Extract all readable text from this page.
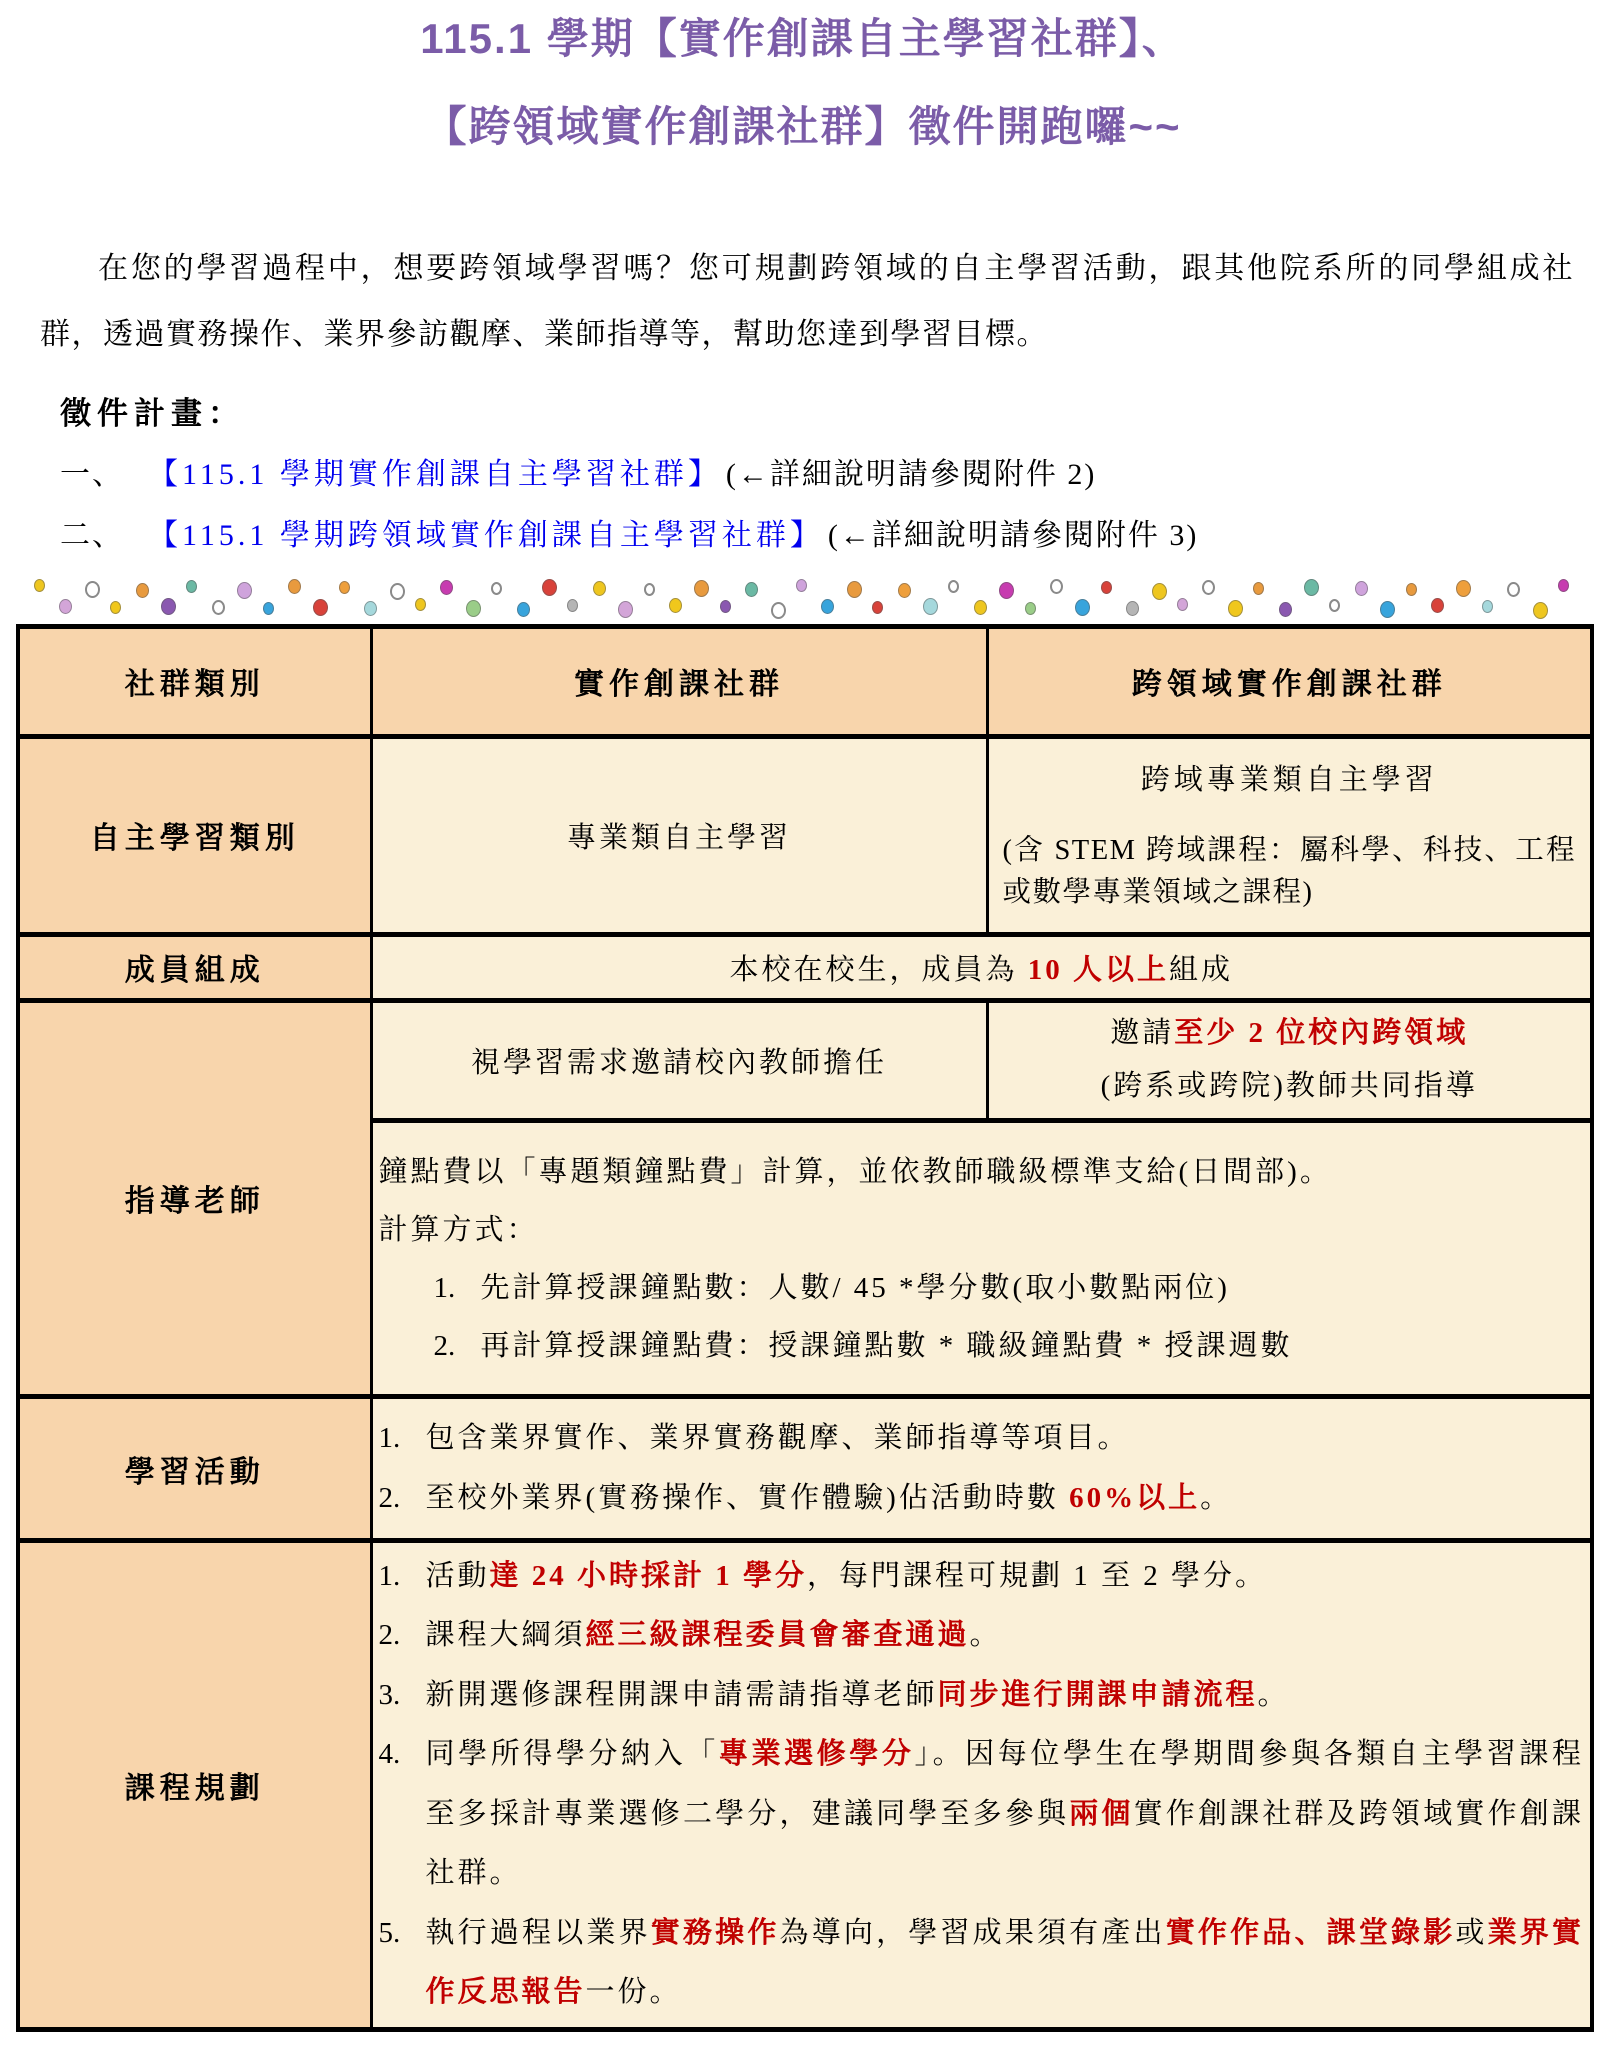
115.1 學期【實作創課自主學習社群】、
【跨領域實作創課社群】徵件開跑囉~~

在您的學習過程中，想要跨領域學習嗎？您可規劃跨領域的自主學習活動，跟其他院系所的同學組成社群，透過實務操作、業界參訪觀摩、業師指導等，幫助您達到學習目標。

徵件計畫：
一、 【115.1 學期實作創課自主學習社群】 (←詳細說明請參閱附件 2)
二、 【115.1 學期跨領域實作創課自主學習社群】 (←詳細說明請參閱附件 3)
社群類別	實作創課社群	跨領域實作創課社群
自主學習類別	專業類自主學習	跨域專業類自主學習
(含 STEM 跨域課程：屬科學、科技、工程或數學專業領域之課程)

成員組成	本校在校生，成員為 10 人以上組成	
指導老師	視學習需求邀請校內教師擔任	邀請至少 2 位校內跨領域
(跨系或跨院)教師共同指導

鐘點費以「專題類鐘點費」計算，並依教師職級標準支給(日間部)。
計算方式：
1. 先計算授課鐘點數：人數/ 45 *學分數(取小數點兩位)
2. 再計算授課鐘點費：授課鐘點數 * 職級鐘點費 * 授課週數

學習活動	1. 包含業界實作、業界實務觀摩、業師指導等項目。
2. 至校外業界(實務操作、實作體驗)佔活動時數 60%以上。	

課程規劃	
1. 活動達 24 小時採計 1 學分，每門課程可規劃 1 至 2 學分。
2. 課程大綱須經三級課程委員會審查通過。
3. 新開選修課程開課申請需請指導老師同步進行開課申請流程。
4. 同學所得學分納入「專業選修學分」。因每位學生在學期間參與各類自主學習課程至多採計專業選修二學分，建議同學至多參與兩個實作創課社群及跨領域實作創課社群。
5. 執行過程以業界實務操作為導向，學習成果須有產出實作作品、課堂錄影或業界實作反思報告一份。
